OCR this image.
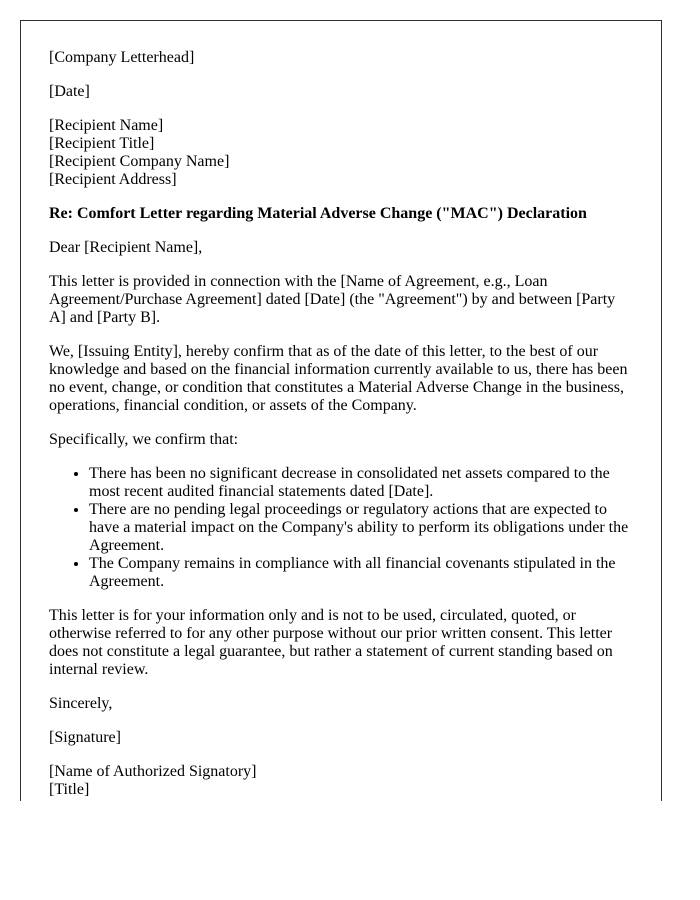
[Company Letterhead]

[Date]

[Recipient Name]
[Recipient Title]
[Recipient Company Name]
[Recipient Address]

Re: Comfort Letter regarding Material Adverse Change ("MAC") Declaration

Dear [Recipient Name],

This letter is provided in connection with the [Name of Agreement, e.g., Loan Agreement/Purchase Agreement] dated [Date] (the "Agreement") by and between [Party A] and [Party B].

We, [Issuing Entity], hereby confirm that as of the date of this letter, to the best of our knowledge and based on the financial information currently available to us, there has been no event, change, or condition that constitutes a Material Adverse Change in the business, operations, financial condition, or assets of the Company.

Specifically, we confirm that:

• There has been no significant decrease in consolidated net assets compared to the most recent audited financial statements dated [Date].
• There are no pending legal proceedings or regulatory actions that are expected to have a material impact on the Company's ability to perform its obligations under the Agreement.
• The Company remains in compliance with all financial covenants stipulated in the Agreement.

This letter is for your information only and is not to be used, circulated, quoted, or otherwise referred to for any other purpose without our prior written consent. This letter does not constitute a legal guarantee, but rather a statement of current standing based on internal review.

Sincerely,

[Signature]

[Name of Authorized Signatory]
[Title]
